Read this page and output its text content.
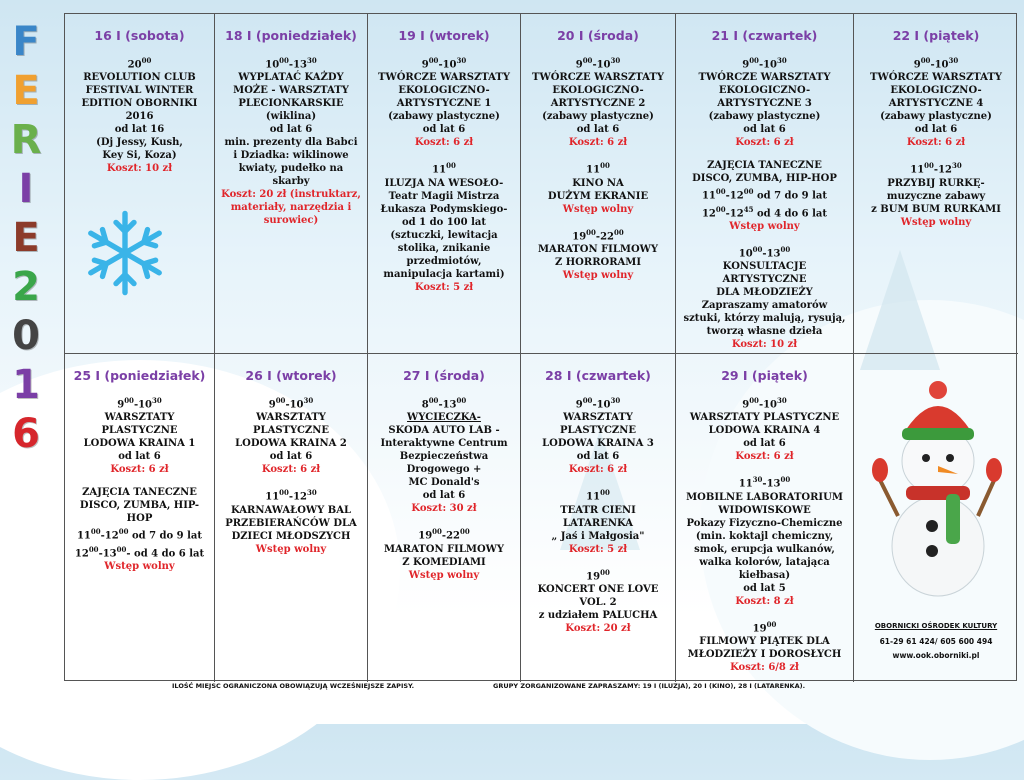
F
E
R
I
E
2
0
1
6
16 I (sobota)
$20^{00}$
REVOLUTION CLUB
FESTIVAL WINTER
EDITION OBORNIKI
2016
od lat 16
(Dj Jessy, Kush,
Key Si, Koza)
Koszt: 10 zł
18 I (poniedziałek)
$10^{00}-13^{30}$
WYPLATAĆ KAŻDY
MOŻE - WARSZTATY
PLECIONKARSKIE
(wiklina)
od lat 6
min. prezenty dla Babci
i Dziadka: wiklinowe
kwiaty, pudełko na
skarby
Koszt: 20 zł (instruktarz, materiały, narzędzia i surowiec)
19 I (wtorek)
$9^{00}-10^{30}$
TWÓRCZE WARSZTATY
EKOLOGICZNO-
ARTYSTYCZNE 1
(zabawy plastyczne)
od lat 6
Koszt: 6 zł
$11^{00}$
ILUZJA NA WESOŁO-
Teatr Magii Mistrza
Łukasza Podymskiego-
od 1 do 100 lat
(sztuczki, lewitacja
stolika, znikanie
przedmiotów,
manipulacja kartami)
Koszt: 5 zł
20 I (środa)
$9^{00}-10^{30}$
TWÓRCZE WARSZTATY
EKOLOGICZNO-
ARTYSTYCZNE 2
(zabawy plastyczne)
od lat 6
Koszt: 6 zł
$11^{00}$
KINO NA
DUŻYM EKRANIE
Wstęp wolny
$19^{00}-22^{00}$
MARATON FILMOWY
Z HORRORAMI
Wstęp wolny
21 I (czwartek)
$9^{00}-10^{30}$
TWÓRCZE WARSZTATY
EKOLOGICZNO-
ARTYSTYCZNE 3
(zabawy plastyczne)
od lat 6
Koszt: 6 zł
ZAJĘCIA TANECZNE
DISCO, ZUMBA, HIP-HOP
$11^{00}-12^{00}$ od 7 do 9 lat
$12^{00}-12^{45}$ od 4 do 6 lat
Wstęp wolny
$10^{00}-13^{00}$
KONSULTACJE ARTYSTYCZNE
DLA MŁODZIEŻY
Zapraszamy amatorów
sztuki, którzy malują, rysują,
tworzą własne dzieła
Koszt: 10 zł
22 I (piątek)
$9^{00}-10^{30}$
TWÓRCZE WARSZTATY
EKOLOGICZNO-
ARTYSTYCZNE 4
(zabawy plastyczne)
od lat 6
Koszt: 6 zł
$11^{00}-12^{30}$
PRZYBIJ RURKĘ-
muzyczne zabawy
z BUM BUM RURKAMI
Wstęp wolny
25 I (poniedziałek)
$9^{00}-10^{30}$
WARSZTATY
PLASTYCZNE
LODOWA KRAINA 1
od lat 6
Koszt: 6 zł
ZAJĘCIA TANECZNE
DISCO, ZUMBA, HIP-HOP
$11^{00}-12^{00}$ od 7 do 9 lat
$12^{00}-13^{00}-$ od 4 do 6 lat
Wstęp wolny
26 I (wtorek)
$9^{00}-10^{30}$
WARSZTATY
PLASTYCZNE
LODOWA KRAINA 2
od lat 6
Koszt: 6 zł
$11^{00}-12^{30}$
KARNAWAŁOWY BAL
PRZEBIERAŃCÓW DLA
DZIECI MŁODSZYCH
Wstęp wolny
27 I (środa)
$8^{00}-13^{00}$
WYCIECZKA-
SKODA AUTO LAB -
Interaktywne Centrum
Bezpieczeństwa
Drogowego +
MC Donald's
od lat 6
Koszt: 30 zł
$19^{00}-22^{00}$
MARATON FILMOWY
Z KOMEDIAMI
Wstęp wolny
28 I (czwartek)
$9^{00}-10^{30}$
WARSZTATY
PLASTYCZNE
LODOWA KRAINA 3
od lat 6
Koszt: 6 zł
$11^{00}$
TEATR CIENI LATARENKA
„ Jaś i Małgosia"
Koszt: 5 zł
$19^{00}$
KONCERT ONE LOVE
VOL. 2
z udziałem PALUCHA
Koszt: 20 zł
29 I (piątek)
$9^{00}-10^{30}$
WARSZTATY PLASTYCZNE
LODOWA KRAINA 4
od lat 6
Koszt: 6 zł
$11^{30}-13^{00}$
MOBILNE LABORATORIUM
WIDOWISKOWE
Pokazy Fizyczno-Chemiczne
(min. koktajl chemiczny,
smok, erupcja wulkanów,
walka kolorów, latająca
kiełbasa)
od lat 5
Koszt: 8 zł
$19^{00}$
FILMOWY PIĄTEK DLA
MŁODZIEŻY I DOROSŁYCH
Koszt: 6/8 zł
OBORNICKI OŚRODEK KULTURY
61-29 61 424/ 605 600 494
www.ook.oborniki.pl
ILOŚĆ MIEJSC OGRANICZONA OBOWIĄZUJĄ WCZEŚNIEJSZE ZAPISY.	GRUPY ZORGANIZOWANE ZAPRASZAMY: 19 I (ILUZJA), 20 I (KINO), 28 I (LATARENKA).
